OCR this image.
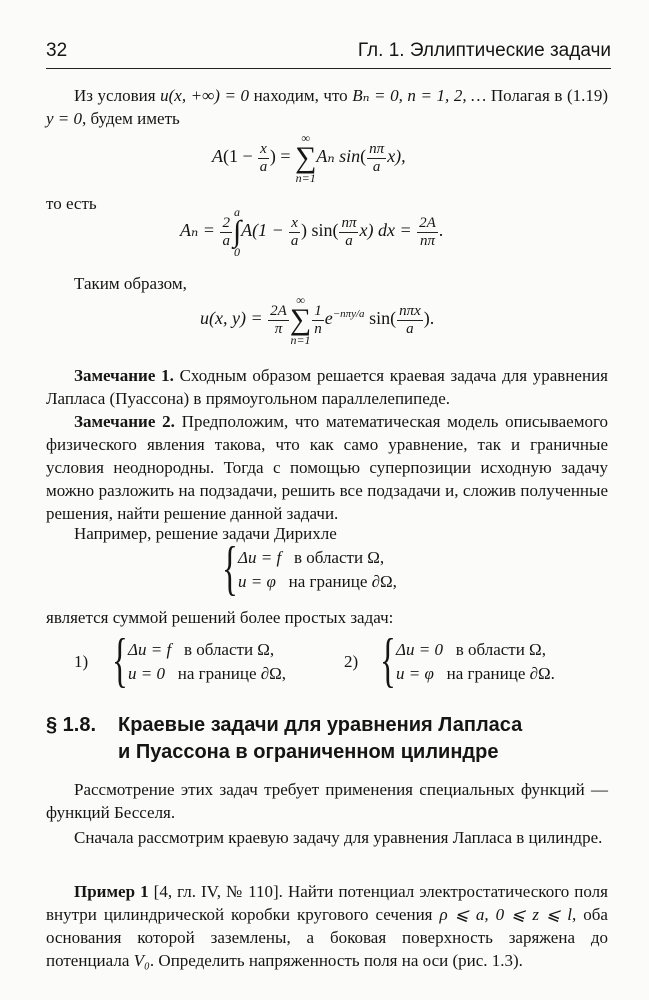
32	Гл. 1. Эллиптические задачи
Из условия u(x, +∞) = 0 находим, что Bₙ = 0, n = 1, 2, … Полагая в (1.19) y = 0, будем иметь
$A(1 - \frac{x}{a}$ ) =
∞
∑
n=1
Aₙ $\sin( \frac{n\pi}{a} x)$,
то есть
$A_n = \frac{2}{a}$
a
∫
0
$A(1 - \frac{x}{a}$ ) $\sin( \frac{n\pi}{a} x)$ dx = $\frac{2A}{n\pi}$ .
Таким образом,
u(x, $y) = \frac{2A}{\pi}$
∞
∑
n=1
$\frac{1}{n} e^{-n\pi y/a}$ $\sin( \frac{\text{nπx}}{a}$ ).
Замечание 1. Сходным образом решается краевая задача для уравнения Лапласа (Пуассона) в прямоугольном параллелепипеде.
Замечание 2. Предположим, что математическая модель описываемого физического явления такова, что как само уравнение, так и граничные условия неоднородны. Тогда с помощью суперпозиции исходную задачу можно разложить на подзадачи, решить все подзадачи и, сложив полученные решения, найти решение данной задачи.
Например, решение задачи Дирихле
{ Δu = f в области Ω,
u = φ на границе ∂Ω,
является суммой решений более простых задач:
1) { Δu = f в области Ω,
u = 0 на границе ∂Ω,
2) { Δu = 0 в области Ω,
u = φ на границе ∂Ω.
§ 1.8. Краевые задачи для уравнения Лапласа и Пуассона в ограниченном цилиндре
Рассмотрение этих задач требует применения специальных функций — функций Бесселя.
Сначала рассмотрим краевую задачу для уравнения Лапласа в цилиндре.
Пример 1 [4, гл. IV, № 110]. Найти потенциал электростатического поля внутри цилиндрической коробки кругового сечения ρ ⩽ a, 0 ⩽ z ⩽ l, оба основания которой заземлены, а боковая поверхность заряжена до потенциала V₀. Определить напряженность поля на оси (рис. 1.3).
